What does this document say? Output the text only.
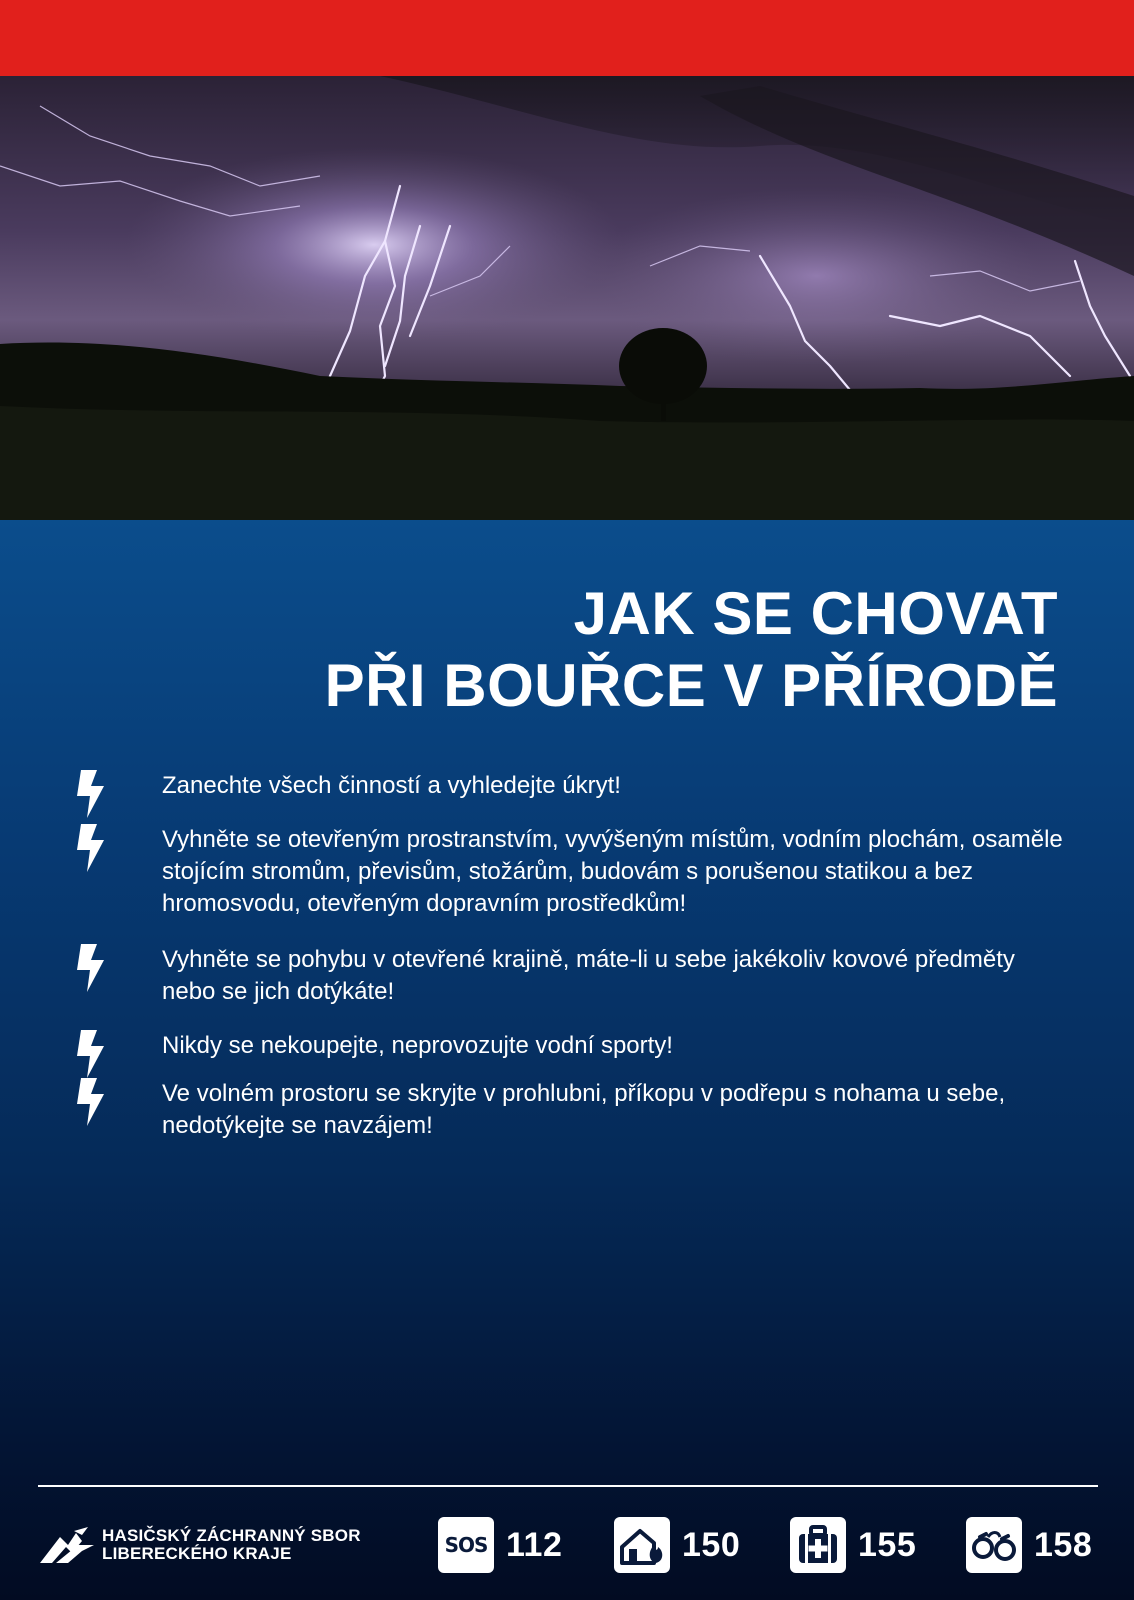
JAK SE CHOVAT
PŘI BOUŘCE V PŘÍRODĚ
Zanechte všech činností a vyhledejte úkryt!
Vyhněte se otevřeným prostranstvím, vyvýšeným místům, vodním plochám, osaměle stojícím stromům, převisům, stožárům, budovám s porušenou statikou a bez hromosvodu, otevřeným dopravním prostředkům!
Vyhněte se pohybu v otevřené krajině, máte-li u sebe jakékoliv kovové předměty nebo se jich dotýkáte!
Nikdy se nekoupejte, neprovozujte vodní sporty!
Ve volném prostoru se skryjte v prohlubni, příkopu v podřepu s nohama u sebe, nedotýkejte se navzájem!
HASIČSKÝ ZÁCHRANNÝ SBOR
LIBERECKÉHO KRAJE	SOS 112	150	155	158
